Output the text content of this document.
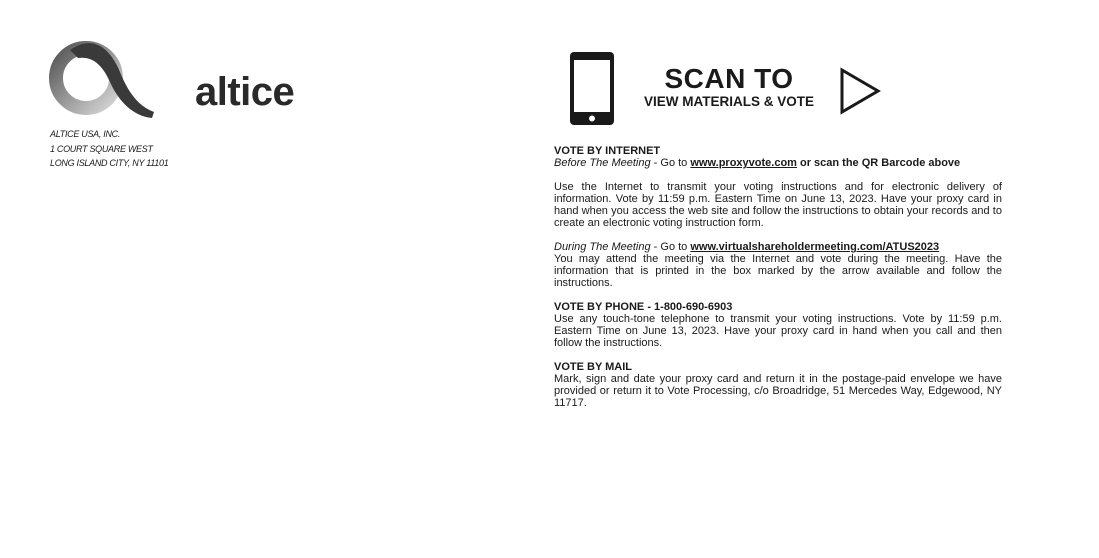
altice
ALTICE USA, INC.
1 COURT SQUARE WEST
LONG ISLAND CITY, NY 11101
SCAN TO
VIEW MATERIALS & VOTE
VOTE BY INTERNET

Before The Meeting - Go to www.proxyvote.com or scan the QR Barcode above

Use the Internet to transmit your voting instructions and for electronic delivery of information. Vote by 11:59 p.m. Eastern Time on June 13, 2023. Have your proxy card in hand when you access the web site and follow the instructions to obtain your records and to create an electronic voting instruction form.

During The Meeting - Go to www.virtualshareholdermeeting.com/ATUS2023

You may attend the meeting via the Internet and vote during the meeting. Have the information that is printed in the box marked by the arrow available and follow the instructions.

VOTE BY PHONE - 1-800-690-6903

Use any touch-tone telephone to transmit your voting instructions. Vote by 11:59 p.m. Eastern Time on June 13, 2023. Have your proxy card in hand when you call and then follow the instructions.

VOTE BY MAIL

Mark, sign and date your proxy card and return it in the postage-paid envelope we have provided or return it to Vote Processing, c/o Broadridge, 51 Mercedes Way, Edgewood, NY 11717.
